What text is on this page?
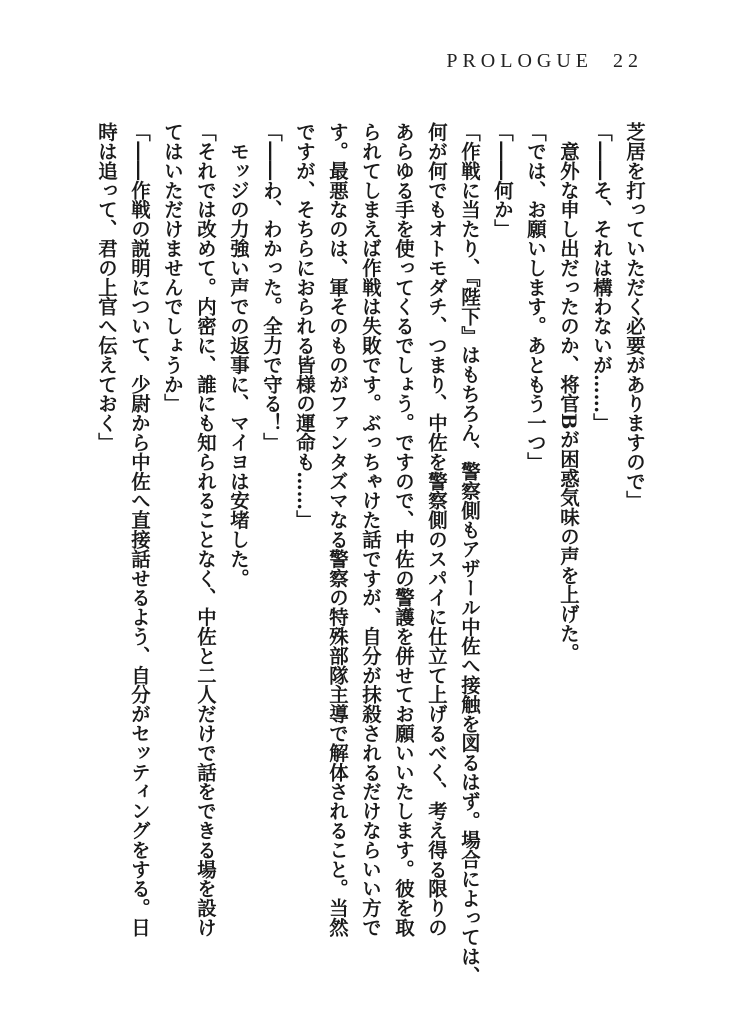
PROLOGUE 22
芝居を打っていただく必要がありますので」
「――そ、それは構わないが……」
　意外な申し出だったのか、将官Bが困惑気味の声を上げた。
「では、お願いします。あともう一つ」
「――何か」
「作戦に当たり、『陛下』はもちろん、警察側もアザール中佐へ接触を図るはず。場合によっては、
何が何でもオトモダチ、つまり、中佐を警察側のスパイに仕立て上げるべく、考え得る限りの
あらゆる手を使ってくるでしょう。ですので、中佐の警護を併せてお願いいたします。彼を取
られてしまえば作戦は失敗です。ぶっちゃけた話ですが、自分が抹殺されるだけならいい方で
す。最悪なのは、軍そのものがファンタズマなる警察の特殊部隊主導で解体されること。当然
ですが、そちらにおられる皆様の運命も……」
「――わ、わかった。全力で守る！」
　モッジの力強い声での返事に、マイヨは安堵した。
「それでは改めて。内密に、誰にも知られることなく、中佐と二人だけで話をできる場を設け
てはいただけませんでしょうか」
「――作戦の説明について、少尉から中佐へ直接話せるよう、自分がセッティングをする。日
時は追って、君の上官へ伝えておく」
